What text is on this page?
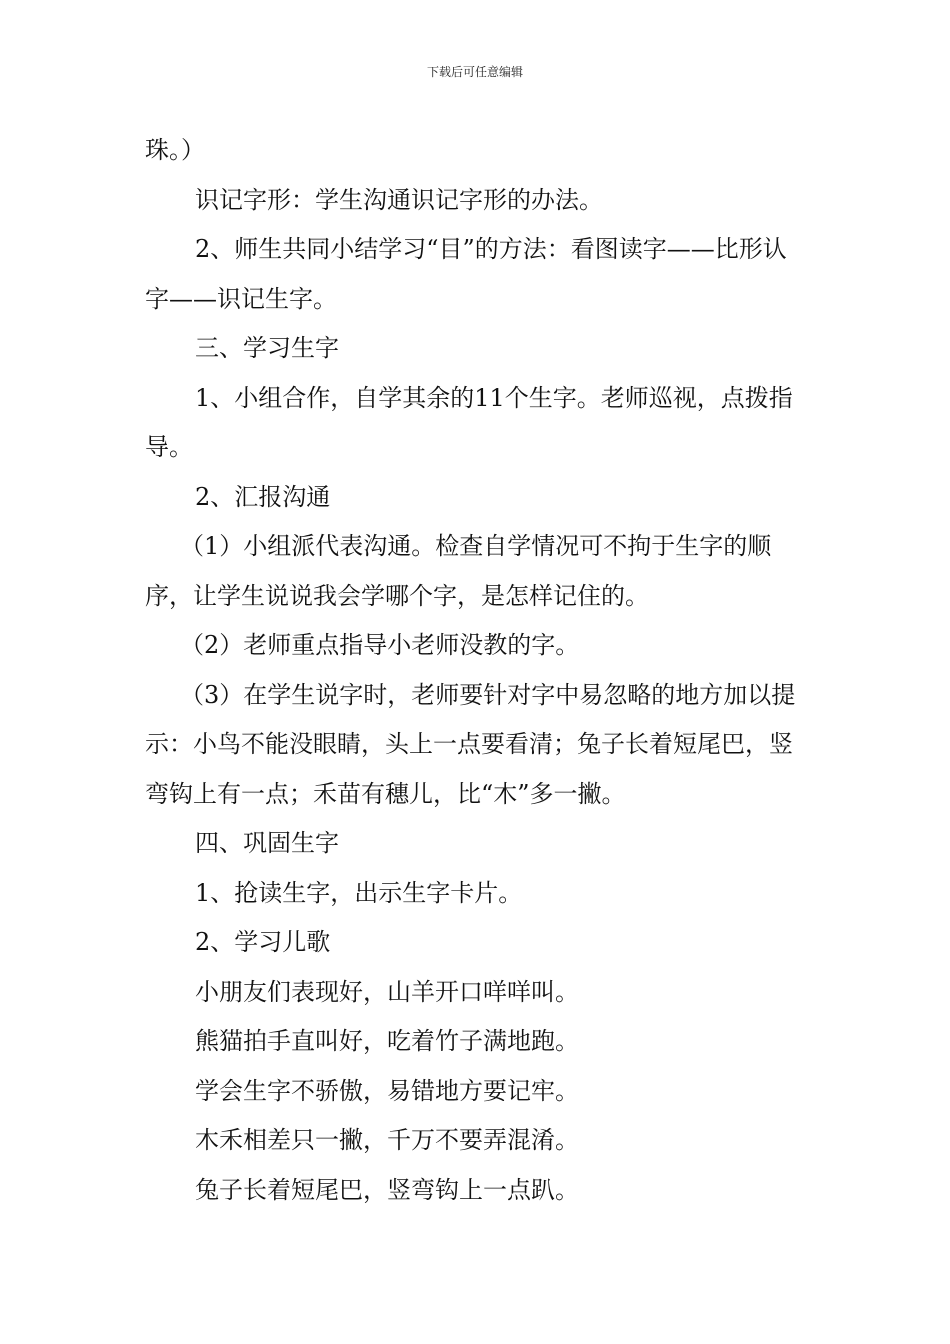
下载后可任意编辑

珠。）

识记字形：学生沟通识记字形的办法。

2、师生共同小结学习“目”的方法：看图读字——比形认字——识记生字。

三、学习生字

1、小组合作，自学其余的11个生字。老师巡视，点拨指导。

2、汇报沟通

（1）小组派代表沟通。检查自学情况可不拘于生字的顺序，让学生说说我会学哪个字，是怎样记住的。

（2）老师重点指导小老师没教的字。

（3）在学生说字时，老师要针对字中易忽略的地方加以提示：小鸟不能没眼睛，头上一点要看清；兔子长着短尾巴，竖弯钩上有一点；禾苗有穗儿，比“木”多一撇。

四、巩固生字

1、抢读生字，出示生字卡片。

2、学习儿歌

小朋友们表现好，山羊开口咩咩叫。

熊猫拍手直叫好，吃着竹子满地跑。

学会生字不骄傲，易错地方要记牢。

木禾相差只一撇，千万不要弄混淆。

兔子长着短尾巴，竖弯钩上一点趴。
